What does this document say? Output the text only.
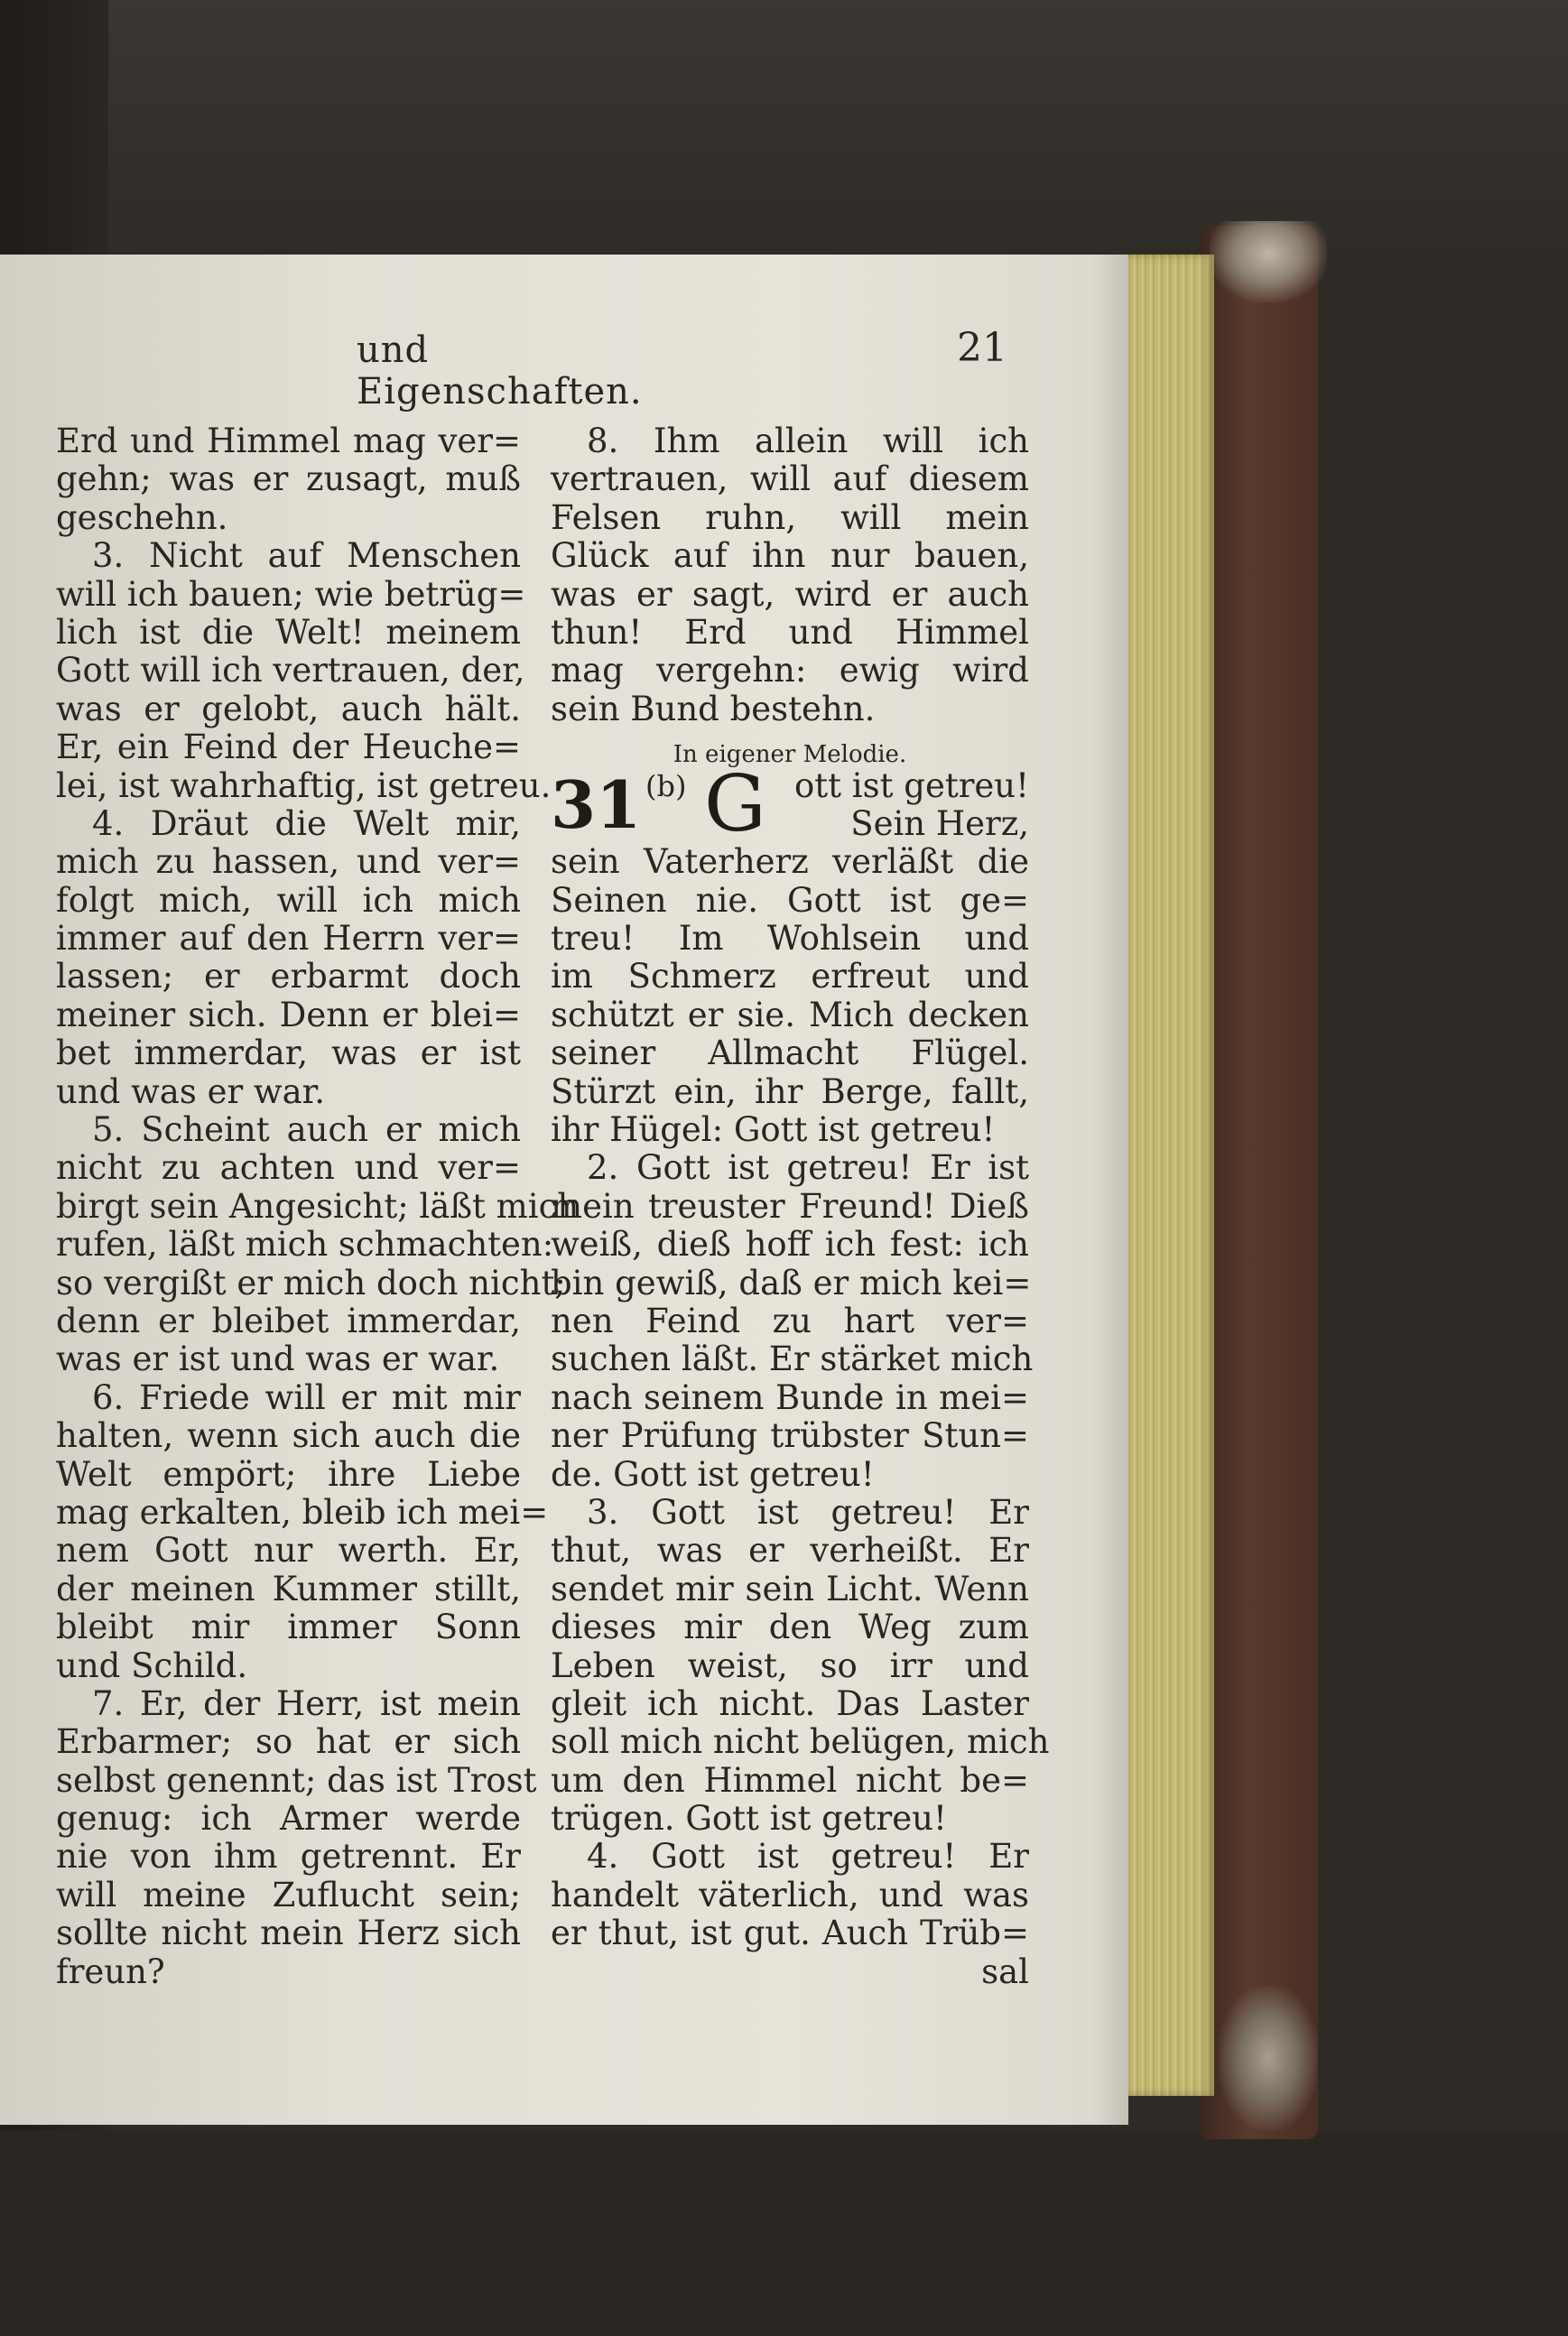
und Eigenschaften.
21
Erd und Himmel mag ver=
gehn; was er zusagt, muß
geschehn.
3. Nicht auf Menschen
will ich bauen; wie betrüg=
lich ist die Welt! meinem
Gott will ich vertrauen, der,
was er gelobt, auch hält.
Er, ein Feind der Heuche=
lei, ist wahrhaftig, ist getreu.
4. Dräut die Welt mir,
mich zu hassen, und ver=
folgt mich, will ich mich
immer auf den Herrn ver=
lassen; er erbarmt doch
meiner sich. Denn er blei=
bet immerdar, was er ist
und was er war.
5. Scheint auch er mich
nicht zu achten und ver=
birgt sein Angesicht; läßt mich
rufen, läßt mich schmachten:
so vergißt er mich doch nicht;
denn er bleibet immerdar,
was er ist und was er war.
6. Friede will er mit mir
halten, wenn sich auch die
Welt empört; ihre Liebe
mag erkalten, bleib ich mei=
nem Gott nur werth. Er,
der meinen Kummer stillt,
bleibt mir immer Sonn
und Schild.
7. Er, der Herr, ist mein
Erbarmer; so hat er sich
selbst genennt; das ist Trost
genug: ich Armer werde
nie von ihm getrennt. Er
will meine Zuflucht sein;
sollte nicht mein Herz sich
freun?
8. Ihm allein will ich
vertrauen, will auf diesem
Felsen ruhn, will mein
Glück auf ihn nur bauen,
was er sagt, wird er auch
thun! Erd und Himmel
mag vergehn: ewig wird
sein Bund bestehn.
In eigener Melodie.
31 (b) G ott ist getreu!
Sein Herz,
sein Vaterherz verläßt die
Seinen nie. Gott ist ge=
treu! Im Wohlsein und
im Schmerz erfreut und
schützt er sie. Mich decken
seiner Allmacht Flügel.
Stürzt ein, ihr Berge, fallt,
ihr Hügel: Gott ist getreu!
2. Gott ist getreu! Er ist
mein treuster Freund! Dieß
weiß, dieß hoff ich fest: ich
bin gewiß, daß er mich kei=
nen Feind zu hart ver=
suchen läßt. Er stärket mich
nach seinem Bunde in mei=
ner Prüfung trübster Stun=
de. Gott ist getreu!
3. Gott ist getreu! Er
thut, was er verheißt. Er
sendet mir sein Licht. Wenn
dieses mir den Weg zum
Leben weist, so irr und
gleit ich nicht. Das Laster
soll mich nicht belügen, mich
um den Himmel nicht be=
trügen. Gott ist getreu!
4. Gott ist getreu! Er
handelt väterlich, und was
er thut, ist gut. Auch Trüb=
sal
